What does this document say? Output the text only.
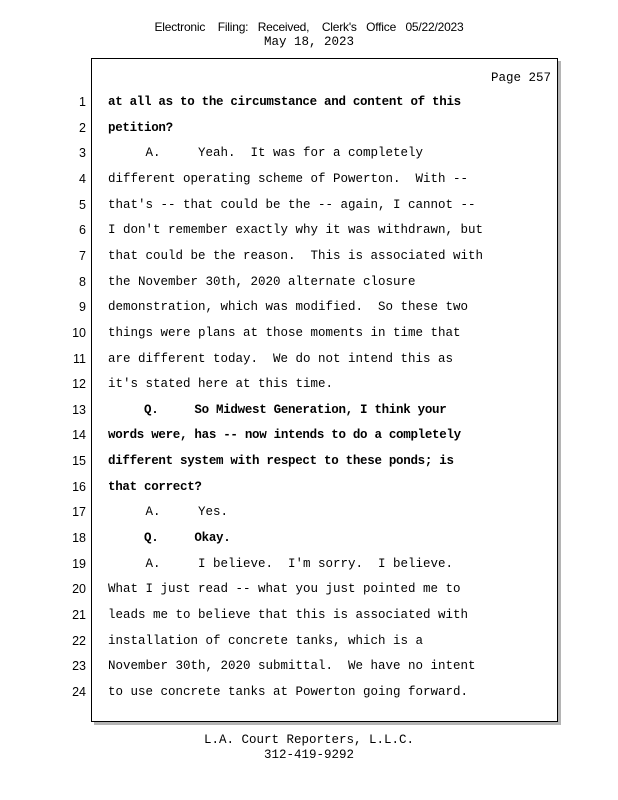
Electronic    Filing:   Received,    Clerk's   Office   05/22/2023
May 18, 2023
Page 257
1
2
3
4
5
6
7
8
9
10
11
12
13
14
15
16
17
18
19
20
21
22
23
24
at all as to the circumstance and content of this
petition?
A.     Yeah.  It was for a completely
different operating scheme of Powerton.  With --
that's -- that could be the -- again, I cannot --
I don't remember exactly why it was withdrawn, but
that could be the reason.  This is associated with
the November 30th, 2020 alternate closure
demonstration, which was modified.  So these two
things were plans at those moments in time that
are different today.  We do not intend this as
it's stated here at this time.
Q.     So Midwest Generation, I think your
words were, has -- now intends to do a completely
different system with respect to these ponds; is
that correct?
A.     Yes.
Q.     Okay.
A.     I believe.  I'm sorry.  I believe.
What I just read -- what you just pointed me to
leads me to believe that this is associated with
installation of concrete tanks, which is a
November 30th, 2020 submittal.  We have no intent
to use concrete tanks at Powerton going forward.
L.A. Court Reporters, L.L.C.
312-419-9292
